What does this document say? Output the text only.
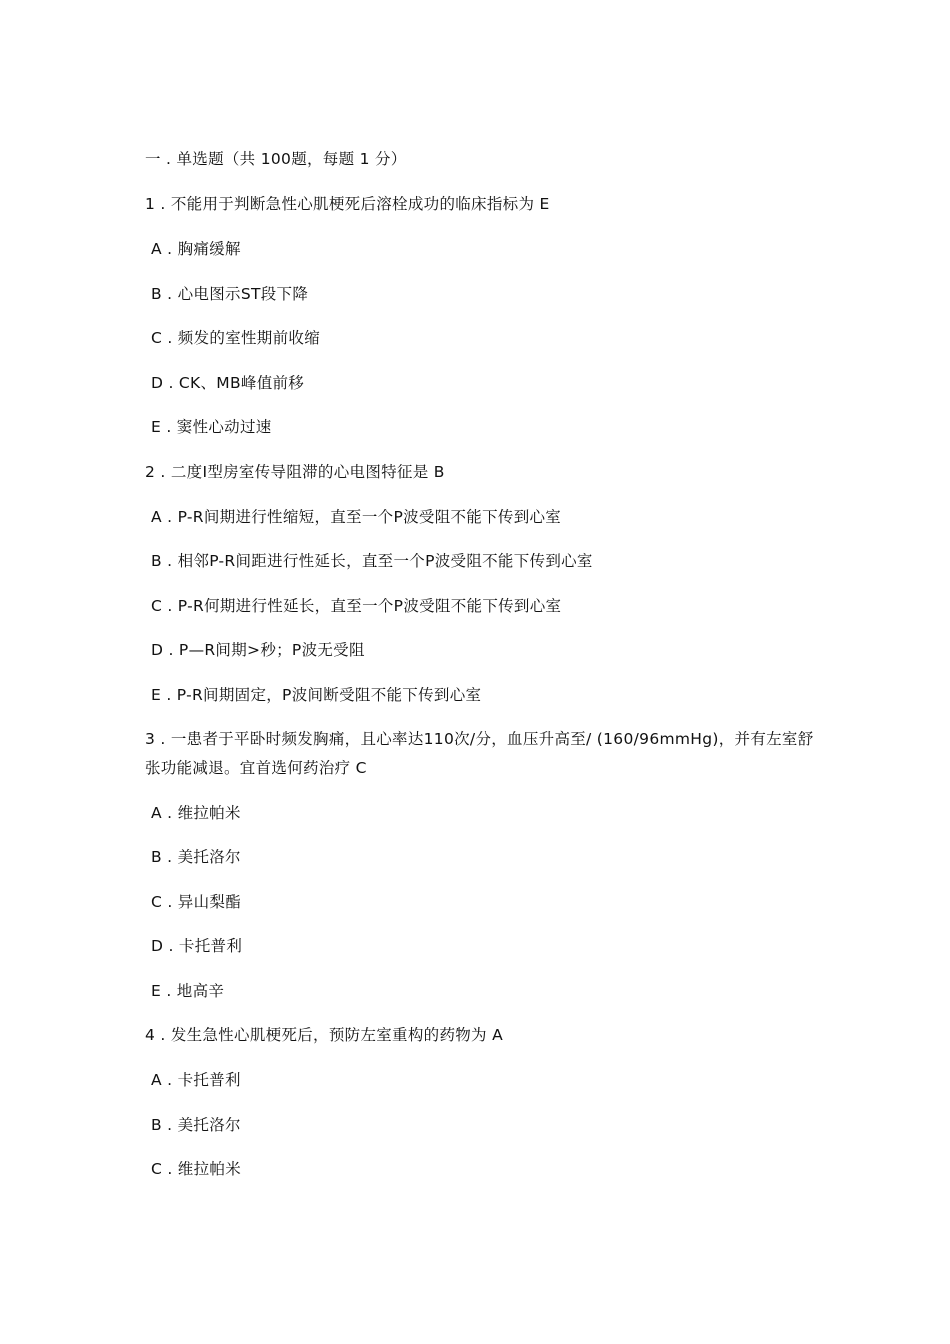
一 . 单选题（共 100题，每题 1 分）
1 . 不能用于判断急性心肌梗死后溶栓成功的临床指标为 E
A . 胸痛缓解
B . 心电图示ST段下降
C . 频发的室性期前收缩
D . CK、MB峰值前移
E . 窦性心动过速
2 . 二度Ⅰ型房室传导阻滞的心电图特征是 B
A . P-R间期进行性缩短，直至一个P波受阻不能下传到心室
B . 相邻P-R间距进行性延长，直至一个P波受阻不能下传到心室
C . P-R何期进行性延长，直至一个P波受阻不能下传到心室
D . P—R间期>秒；P波无受阻
E . P-R间期固定，P波间断受阻不能下传到心室
3 . 一患者于平卧时频发胸痛，且心率达110次/分，血压升高至/ (160/96mmHg)，并有左室舒张功能减退。宜首选何药治疗 C
A . 维拉帕米
B . 美托洛尔
C . 异山梨酯
D . 卡托普利
E . 地高辛
4 . 发生急性心肌梗死后，预防左室重构的药物为 A
A . 卡托普利
B . 美托洛尔
C . 维拉帕米
